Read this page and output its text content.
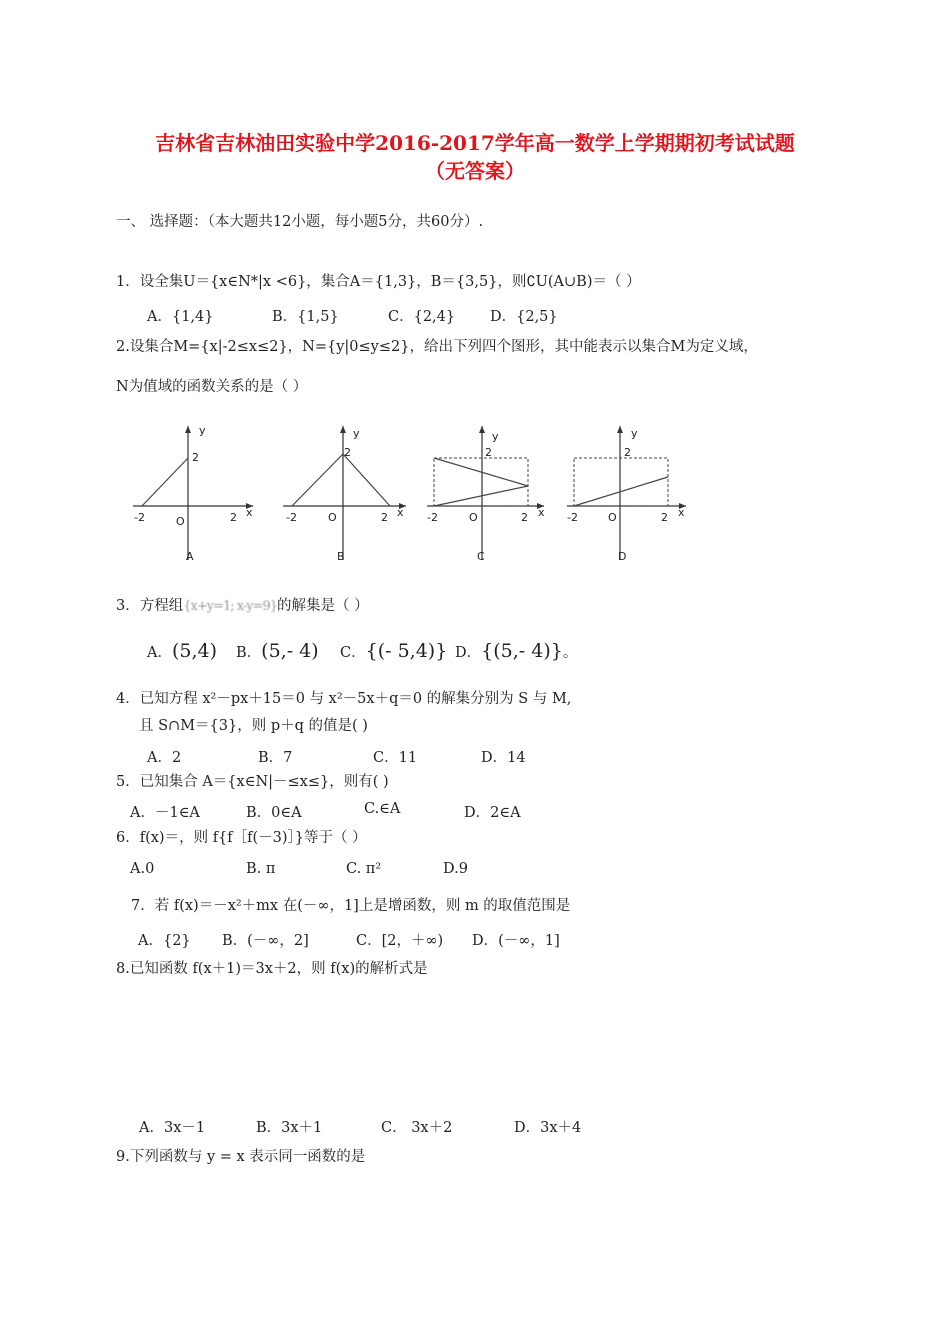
吉林省吉林油田实验中学2016-2017学年高一数学上学期期初考试试题
（无答案）
一、 选择题：（本大题共12小题，每小题5分，共60分）.
1．设全集U＝{x∈N*|x <6}，集合A＝{1,3}，B＝{3,5}，则∁U(A∪B)＝（ ）
A．{1,4}	B．{1,5}	C．{2,4} D．{2,5}
2.设集合M={x|-2≤x≤2}，N={y|0≤y≤2}，给出下列四个图形，其中能表示以集合M为定义域，
N为值域的函数关系的是（ ）
y
2
-2	O	2 x
A
y
2
-2	O	2 x
B
y
2
-2	O	2 x
C
y
2
-2	O	2 x
D
3．方程组{x+y=1; x-y=9}的解集是（ ）
A．(5,4) B．(5,- 4) C．{(- 5,4)} D．{(5,- 4)}。
4．已知方程 x²－px＋15＝0 与 x²－5x＋q＝0 的解集分别为 S 与 M,
且 S∩M＝{3}，则 p＋q 的值是( )
A．2	B．7	C．11	D．14
5．已知集合 A＝{x∈N|－≤x≤}，则有( )
A．－1∈A	B．0∈A	C.∈A	D．2∈A
6．f(x)＝，则 f{f［f(－3)］}等于（ ）
A.0	B. π	C. π²	D.9
7．若 f(x)＝－x²＋mx 在(－∞，1]上是增函数，则 m 的取值范围是
A．{2} B．(－∞，2]	C．[2，＋∞) D．(－∞，1]
8.已知函数 f(x＋1)＝3x＋2，则 f(x)的解析式是
A．3x－1	B．3x＋1	C． 3x＋2	D．3x＋4
9.下列函数与 y = x 表示同一函数的是
